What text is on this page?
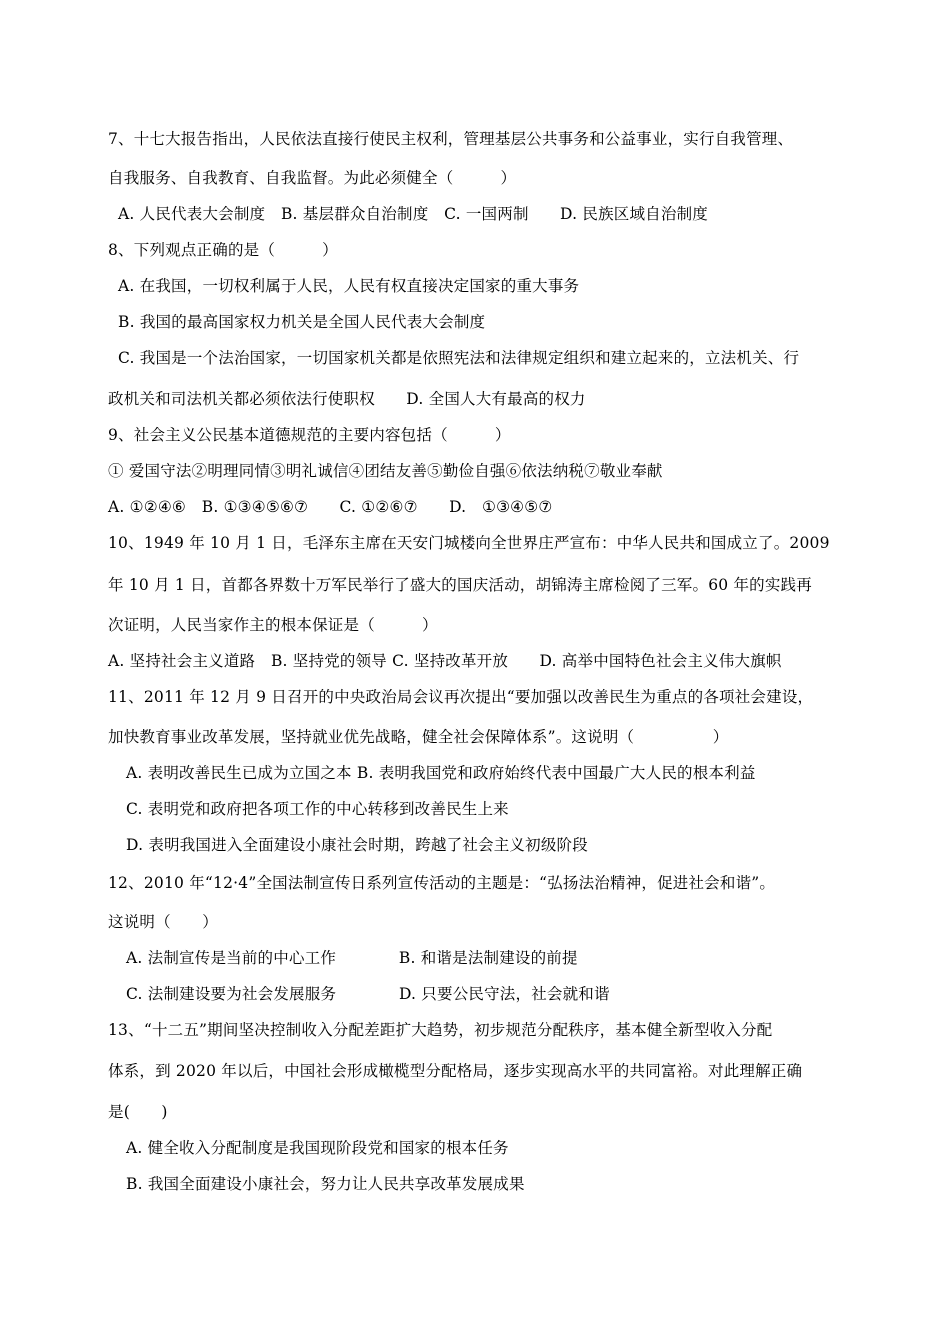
7、十七大报告指出，人民依法直接行使民主权利，管理基层公共事务和公益事业，实行自我管理、
自我服务、自我教育、自我监督。为此必须健全（　　　）
A. 人民代表大会制度　B. 基层群众自治制度　C. 一国两制　　D. 民族区域自治制度
8、下列观点正确的是（　　　）
A. 在我国，一切权利属于人民，人民有权直接决定国家的重大事务
B. 我国的最高国家权力机关是全国人民代表大会制度
C. 我国是一个法治国家，一切国家机关都是依照宪法和法律规定组织和建立起来的，立法机关、行
政机关和司法机关都必须依法行使职权　　D. 全国人大有最高的权力
9、社会主义公民基本道德规范的主要内容包括（　　　）
① 爱国守法②明理同情③明礼诚信④团结友善⑤勤俭自强⑥依法纳税⑦敬业奉献
A. ①②④⑥　B. ①③④⑤⑥⑦　　C. ①②⑥⑦　　D.　①③④⑤⑦
10、1949 年 10 月 1 日，毛泽东主席在天安门城楼向全世界庄严宣布：中华人民共和国成立了。2009
年 10 月 1 日，首都各界数十万军民举行了盛大的国庆活动，胡锦涛主席检阅了三军。60 年的实践再
次证明，人民当家作主的根本保证是（　　　）
A. 坚持社会主义道路　B. 坚持党的领导 C. 坚持改革开放　　D. 高举中国特色社会主义伟大旗帜
11、2011 年 12 月 9 日召开的中央政治局会议再次提出“要加强以改善民生为重点的各项社会建设，
加快教育事业改革发展，坚持就业优先战略，健全社会保障体系”。这说明（　　　　　）
A. 表明改善民生已成为立国之本 B. 表明我国党和政府始终代表中国最广大人民的根本利益
C. 表明党和政府把各项工作的中心转移到改善民生上来
D. 表明我国进入全面建设小康社会时期，跨越了社会主义初级阶段
12、2010 年“12·4”全国法制宣传日系列宣传活动的主题是：“弘扬法治精神，促进社会和谐”。
这说明（　　）
A. 法制宣传是当前的中心工作　　　　B. 和谐是法制建设的前提
C. 法制建设要为社会发展服务　　　　D. 只要公民守法，社会就和谐
13、“十二五”期间坚决控制收入分配差距扩大趋势，初步规范分配秩序，基本健全新型收入分配
体系，到 2020 年以后，中国社会形成橄榄型分配格局，逐步实现高水平的共同富裕。对此理解正确
是(　　)
A. 健全收入分配制度是我国现阶段党和国家的根本任务
B. 我国全面建设小康社会，努力让人民共享改革发展成果
